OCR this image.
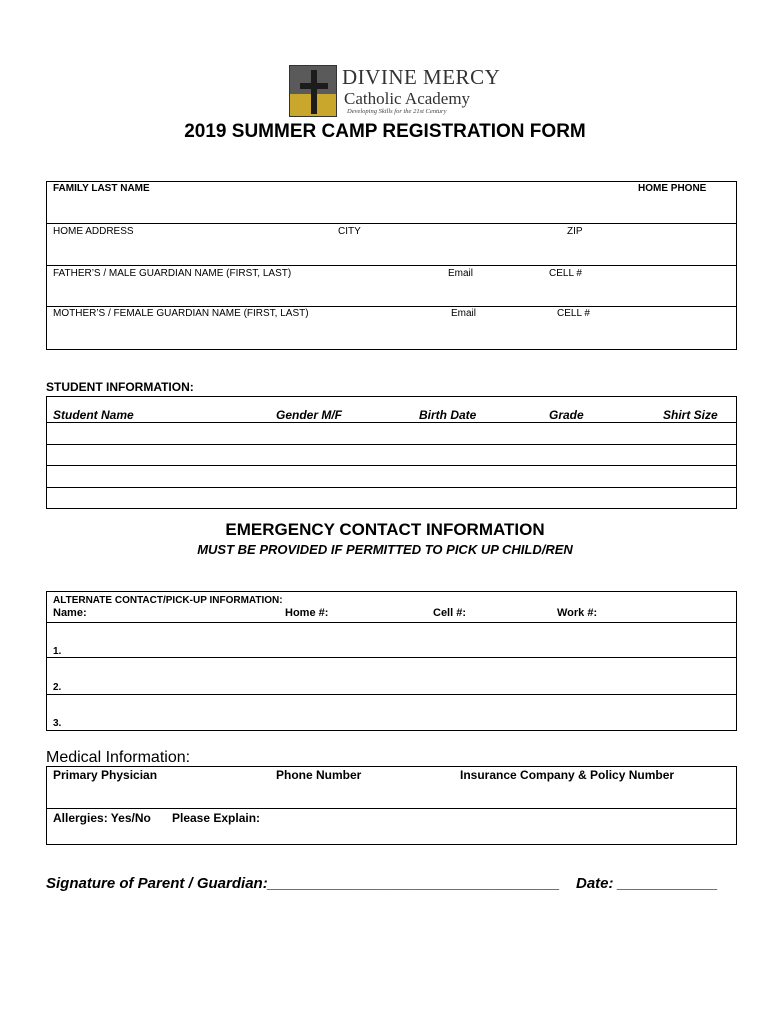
DIVINE MERCY
Catholic Academy
Developing Skills for the 21st Century
2019 SUMMER CAMP REGISTRATION FORM
FAMILY LAST NAME	HOME PHONE
HOME ADDRESS	CITY	ZIP
FATHER’S / MALE GUARDIAN NAME (FIRST, LAST)	Email	CELL #
MOTHER’S / FEMALE GUARDIAN NAME (FIRST, LAST)	Email	CELL #
STUDENT INFORMATION:
Student Name	Gender M/F	Birth Date	Grade	Shirt Size
EMERGENCY CONTACT INFORMATION
MUST BE PROVIDED IF PERMITTED TO PICK UP CHILD/REN
ALTERNATE CONTACT/PICK-UP INFORMATION:
Name:	Home #:	Cell #:	Work #:
1.
2.
3.
Medical Information:
Primary Physician	Phone Number	Insurance Company & Policy Number
Allergies: Yes/No Please Explain:
Signature of Parent / Guardian:___________________________________ Date: ____________
